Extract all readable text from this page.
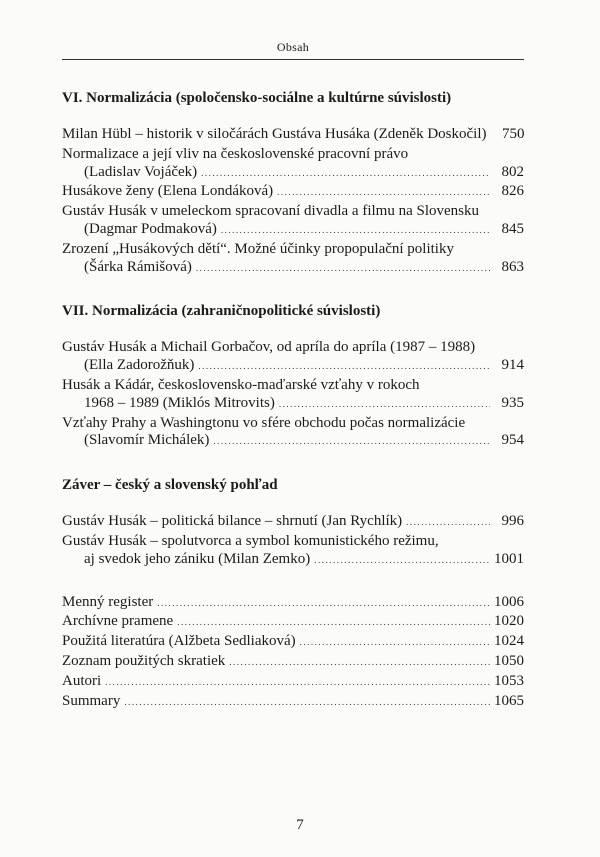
Obsah
VI. Normalizácia (spoločensko-sociálne a kultúrne súvislosti)
Milan Hübl – historik v siločárách Gustáva Husáka (Zdeněk Doskočil)	750
Normalizace a její vliv na československé pracovní právo
(Ladislav Vojáček) .....	802
Husákove ženy (Elena Londáková) .....	826
Gustáv Husák v umeleckom spracovaní divadla a filmu na Slovensku
(Dagmar Podmaková) .....	845
Zrození „Husákových dětí“. Možné účinky propopulační politiky
(Šárka Rámišová) .....	863
VII. Normalizácia (zahraničnopolitické súvislosti)
Gustáv Husák a Michail Gorbačov, od apríla do apríla (1987 – 1988)
(Ella Zadorožňuk) .....	914
Husák a Kádár, československo-maďarské vzťahy v rokoch
1968 – 1989 (Miklós Mitrovits) .....	935
Vzťahy Prahy a Washingtonu vo sfére obchodu počas normalizácie
(Slavomír Michálek) .....	954
Záver – český a slovenský pohľad
Gustáv Husák – politická bilance – shrnutí (Jan Rychlík) .....	996
Gustáv Husák – spolutvorca a symbol komunistického režimu,
aj svedok jeho zániku (Milan Zemko) .....	1001
Menný register .....	1006
Archívne pramene .....	1020
Použitá literatúra (Alžbeta Sedliaková) .....	1024
Zoznam použitých skratiek .....	1050
Autori .....	1053
Summary .....	1065
7
